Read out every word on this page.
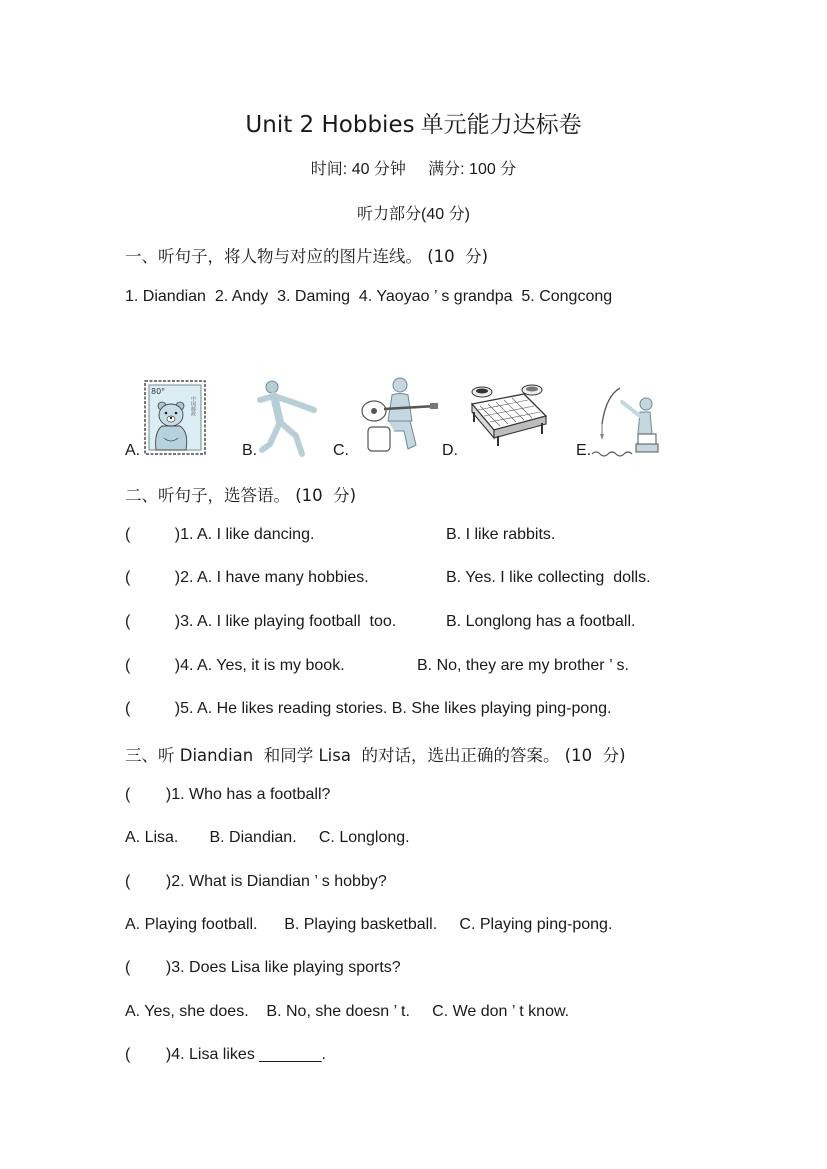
Unit 2 Hobbies 单元能力达标卷
时间: 40 分钟     满分: 100 分
听力部分(40 分)
一、听句子，将人物与对应的图片连线。 (10  分)
1. Diandian  2. Andy  3. Daming  4. Yaoyao ’ s grandpa  5. Congcong
A.
80°
中国邮政
B.	C.	D.	E.
二、听句子，选答语。 (10  分)
(          )1. A. I like dancing.	B. I like rabbits.
(          )2. A. I have many hobbies.	B. Yes. I like collecting  dolls.
(          )3. A. I like playing football  too.	B. Longlong has a football.
(          )4. A. Yes, it is my book.	B. No, they are my brother ’ s.
(          )5. A. He likes reading stories. B. She likes playing ping-pong.
三、听 Diandian  和同学 Lisa  的对话，选出正确的答案。 (10  分)
(        )1. Who has a football?
A. Lisa.       B. Diandian.     C. Longlong.
(        )2. What is Diandian ’ s hobby?
A. Playing football.      B. Playing basketball.     C. Playing ping-pong.
(        )3. Does Lisa like playing sports?
A. Yes, she does.    B. No, she doesn ’ t.     C. We don ’ t know.
(        )4. Lisa likes _______.
